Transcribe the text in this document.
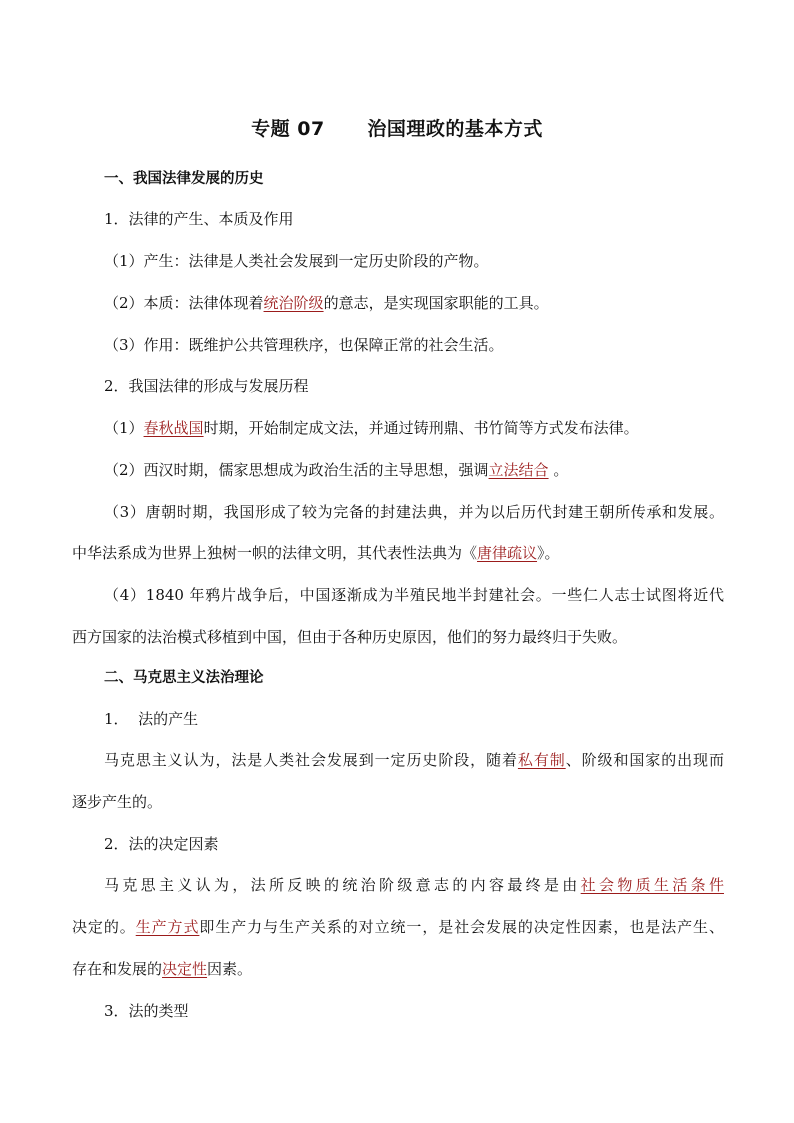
专题 07      治国理政的基本方式
一、我国法律发展的历史
1．法律的产生、本质及作用
（1）产生：法律是人类社会发展到一定历史阶段的产物。
（2）本质：法律体现着统治阶级的意志，是实现国家职能的工具。
（3）作用：既维护公共管理秩序，也保障正常的社会生活。
2．我国法律的形成与发展历程
（1）春秋战国时期，开始制定成文法，并通过铸刑鼎、书竹简等方式发布法律。
（2）西汉时期，儒家思想成为政治生活的主导思想，强调立法结合 。
（3）唐朝时期，我国形成了较为完备的封建法典，并为以后历代封建王朝所传承和发展。
中华法系成为世界上独树一帜的法律文明，其代表性法典为《唐律疏议》。
（4）1840 年鸦片战争后，中国逐渐成为半殖民地半封建社会。一些仁人志士试图将近代
西方国家的法治模式移植到中国，但由于各种历史原因，他们的努力最终归于失败。
二、马克思主义法治理论
1．  法的产生
马克思主义认为，法是人类社会发展到一定历史阶段，随着私有制、阶级和国家的出现而
逐步产生的。
2．法的决定因素
马克思主义认为，法所反映的统治阶级意志的内容最终是由社会物质生活条件
决定的。生产方式即生产力与生产关系的对立统一，是社会发展的决定性因素，也是法产生、
存在和发展的决定性因素。
3．法的类型
